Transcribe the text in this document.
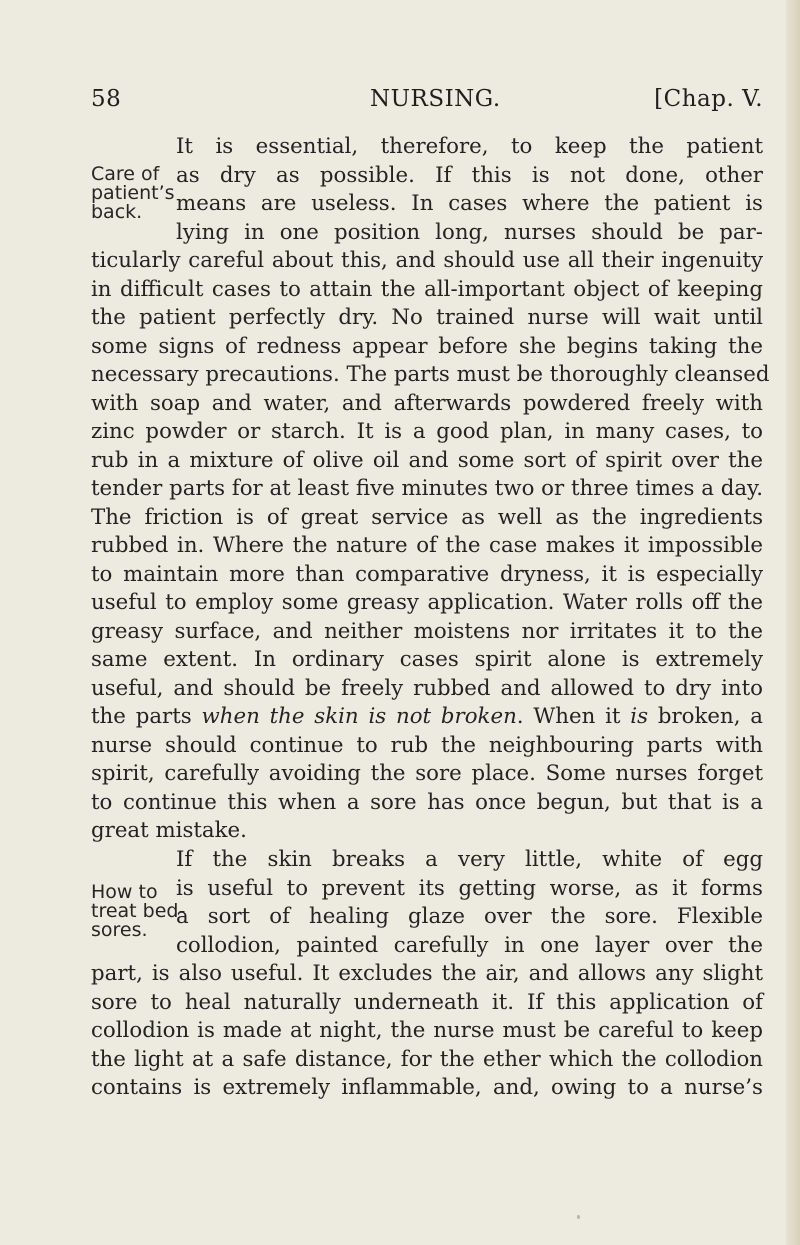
58	NURSING.	[Chap. V.
Care of
patient’s
back.
It is essential, therefore, to keep the patient
as dry as possible. If this is not done, other
means are useless. In cases where the patient is
lying in one position long, nurses should be par-
ticularly careful about this, and should use all their ingenuity
in difficult cases to attain the all-important object of keeping
the patient perfectly dry. No trained nurse will wait until
some signs of redness appear before she begins taking the
necessary precautions. The parts must be thoroughly cleansed
with soap and water, and afterwards powdered freely with
zinc powder or starch. It is a good plan, in many cases, to
rub in a mixture of olive oil and some sort of spirit over the
tender parts for at least five minutes two or three times a day.
The friction is of great service as well as the ingredients
rubbed in. Where the nature of the case makes it impossible
to maintain more than comparative dryness, it is especially
useful to employ some greasy application. Water rolls off the
greasy surface, and neither moistens nor irritates it to the
same extent. In ordinary cases spirit alone is extremely
useful, and should be freely rubbed and allowed to dry into
the parts when the skin is not broken. When it is broken, a
nurse should continue to rub the neighbouring parts with
spirit, carefully avoiding the sore place. Some nurses forget
to continue this when a sore has once begun, but that is a
great mistake.
How to
treat bed-
sores.
If the skin breaks a very little, white of egg
is useful to prevent its getting worse, as it forms
a sort of healing glaze over the sore. Flexible
collodion, painted carefully in one layer over the
part, is also useful. It excludes the air, and allows any slight
sore to heal naturally underneath it. If this application of
collodion is made at night, the nurse must be careful to keep
the light at a safe distance, for the ether which the collodion
contains is extremely inflammable, and, owing to a nurse’s
